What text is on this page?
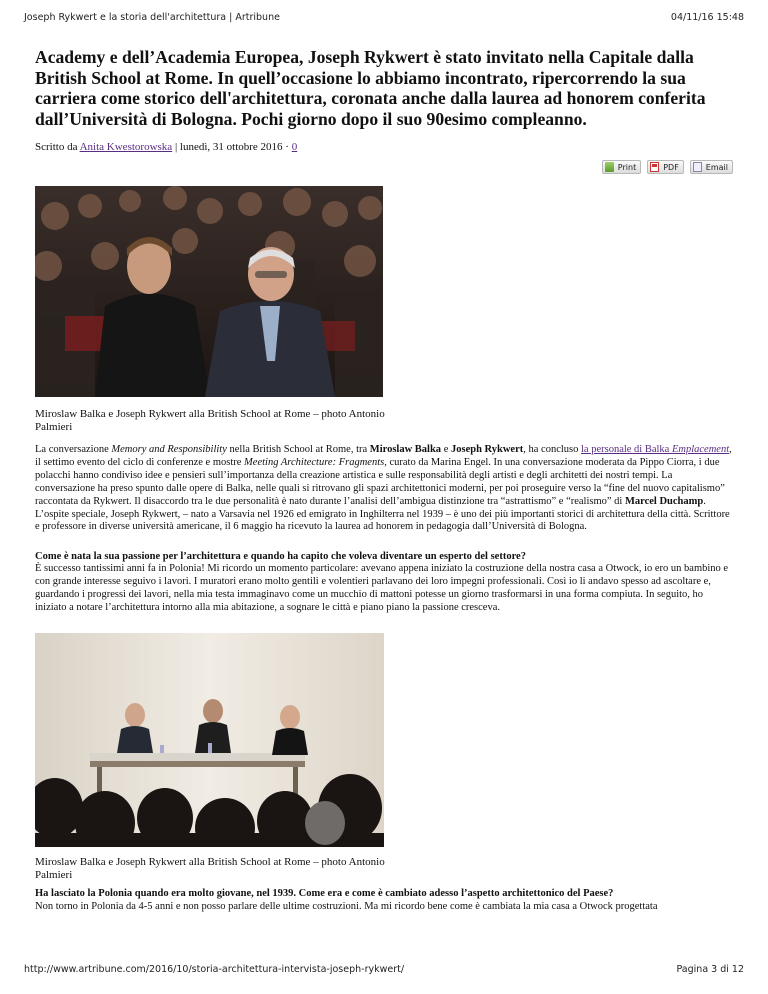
Joseph Rykwert e la storia dell'architettura | Artribune	04/11/16 15:48
Academy e dell’Academia Europea, Joseph Rykwert è stato invitato nella Capitale dalla British School at Rome. In quell’occasione lo abbiamo incontrato, ripercorrendo la sua carriera come storico dell'architettura, coronata anche dalla laurea ad honorem conferita dall’Università di Bologna. Pochi giorno dopo il suo 90esimo compleanno.
Scritto da Anita Kwestorowska | lunedì, 31 ottobre 2016 · 0
Print	PDF	Email
Miroslaw Balka e Joseph Rykwert alla British School at Rome – photo Antonio Palmieri

La conversazione Memory and Responsibility nella British School at Rome, tra Miroslaw Balka e Joseph Rykwert, ha concluso la personale di Balka Emplacement, il settimo evento del ciclo di conferenze e mostre Meeting Architecture: Fragments, curato da Marina Engel. In una conversazione moderata da Pippo Ciorra, i due polacchi hanno condiviso idee e pensieri sull’importanza della creazione artistica e sulle responsabilità degli artisti e degli architetti dei nostri tempi. La conversazione ha preso spunto dalle opere di Balka, nelle quali si ritrovano gli spazi architettonici moderni, per poi proseguire verso la “fine del nuovo capitalismo” raccontata da Rykwert. Il disaccordo tra le due personalità è nato durante l’analisi dell’ambigua distinzione tra “astrattismo” e “realismo” di Marcel Duchamp. L’ospite speciale, Joseph Rykwert, – nato a Varsavia nel 1926 ed emigrato in Inghilterra nel 1939 – è uno dei più importanti storici di architettura della città. Scrittore e professore in diverse università americane, il 6 maggio ha ricevuto la laurea ad honorem in pedagogia dall’Università di Bologna.

Come è nata la sua passione per l’architettura e quando ha capito che voleva diventare un esperto del settore?

È successo tantissimi anni fa in Polonia! Mi ricordo un momento particolare: avevano appena iniziato la costruzione della nostra casa a Otwock, io ero un bambino e con grande interesse seguivo i lavori. I muratori erano molto gentili e volentieri parlavano dei loro impegni professionali. Così io li andavo spesso ad ascoltare e, guardando i progressi dei lavori, nella mia testa immaginavo come un mucchio di mattoni potesse un giorno trasformarsi in una forma compiuta. In seguito, ho iniziato a notare l’architettura intorno alla mia abitazione, a sognare le città e piano piano la passione cresceva.

Miroslaw Balka e Joseph Rykwert alla British School at Rome – photo Antonio Palmieri
Ha lasciato la Polonia quando era molto giovane, nel 1939. Come era e come è cambiato adesso l’aspetto architettonico del Paese?

Non torno in Polonia da 4-5 anni e non posso parlare delle ultime costruzioni. Ma mi ricordo bene come è cambiata la mia casa a Otwock progettata

http://www.artribune.com/2016/10/storia-architettura-intervista-joseph-rykwert/	Pagina 3 di 12
